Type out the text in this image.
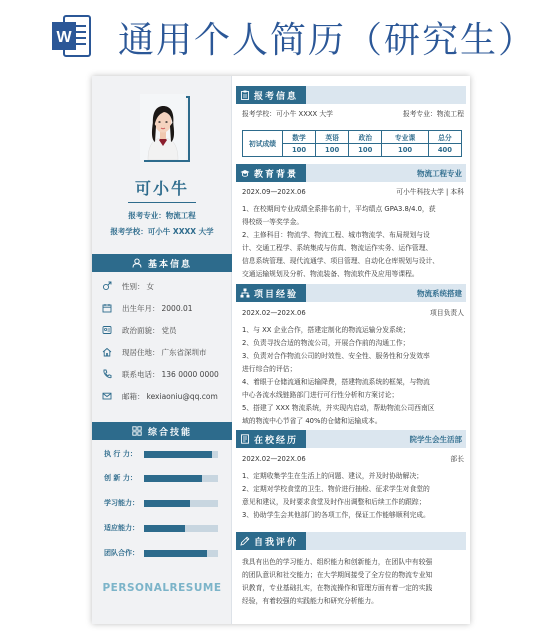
W 通用个人简历（研究生）
可小牛
报考专业：物流工程
报考学校：可小牛 XXXX 大学
基本信息
性别： 女
出生年月： 2000.01
政治面貌： 党员
现居住地： 广东省深圳市
联系电话： 136 0000 0000
邮箱： kexiaoniu@qq.com
综合技能
执 行 力：
创 新 力：
学习能力：
适应能力：
团队合作：
PERSONALRESUME
报考信息
报考学校：可小牛 XXXX 大学	报考专业：物流工程
初试成绩	数学	英语	政治	专业课	总分
	100	100	100	100	400
教育背景	物流工程专业
202X.09—202X.06	可小牛科技大学 | 本科
1、在校期间专业成绩全系排名前十，平均绩点 GPA3.8/4.0，获
得校级一等奖学金。
2、主修科目：物流学、物流工程、城市物流学、布局规划与设
计、交通工程学、系统集成与仿真、物流运作实务、运作管理、
信息系统管理、现代流通学、项目管理、自动化仓库规划与设计、
交通运输规划及分析、物流装备、物流软件及应用等课程。
项目经验	物流系统搭建
202X.02—202X.06	项目负责人
1、与 XX 企业合作，搭建定制化的物流运输分发系统；
2、负责寻找合适的物流公司，开展合作前的沟通工作；
3、负责对合作物流公司的时效性、安全性、服务性和分发效率
进行综合的评估；
4、着眼于仓储流通和运输降费，搭建物流系统的框架，与物流
中心各流水线链路部门进行可行性分析和方案讨论；
5、搭建了 XXX 物流系统，并实现内启动，帮助物流公司西南区
域的物流中心节省了 40%的仓储和运输成本。
在校经历	院学生会生活部
202X.02—202X.06	部长
1、定期收集学生在生活上的问题、建议，并及时协助解决；
2、定期对学校食堂的卫生、物价进行抽检、征求学生对食堂的
意见和建议，及时要求食堂及时作出调整和后续工作的跟踪；
3、协助学生会其他部门的各项工作，保证工作能够顺利完成。
自我评价
我具有出色的学习能力、组织能力和创新能力，在团队中有较强
的团队意识和社交能力；在大学期间接受了全方位的物流专业知
识教育，专业基础扎实，在物流操作和管理方面有着一定的实践
经验，有着较强的实践能力和研究分析能力。
